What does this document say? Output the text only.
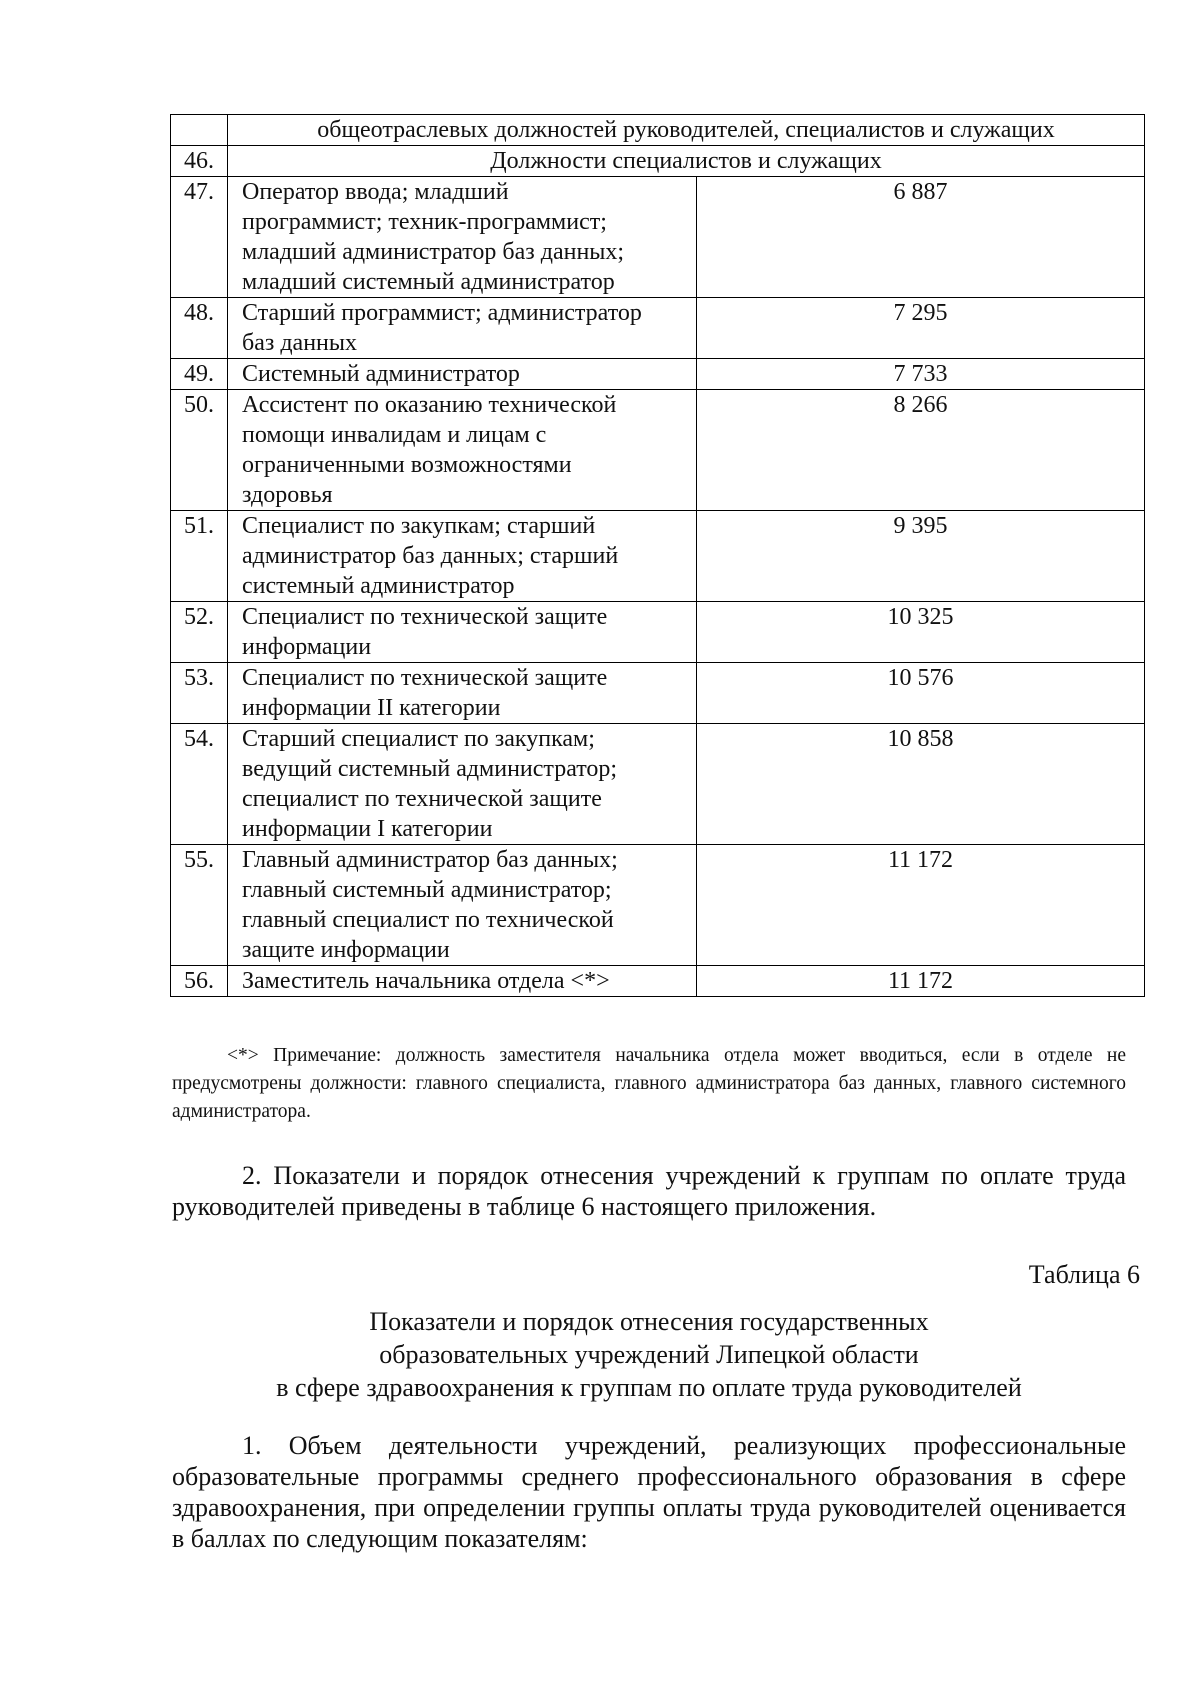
	общеотраслевых должностей руководителей, специалистов и служащих	
46.	Должности специалистов и служащих	
47.	Оператор ввода; младший
программист; техник-программист;
младший администратор баз данных;
младший системный администратор	6 887
48.	Старший программист; администратор
баз данных	7 295
49.	Системный администратор	7 733
50.	Ассистент по оказанию технической
помощи инвалидам и лицам с
ограниченными возможностями
здоровья	8 266
51.	Специалист по закупкам; старший
администратор баз данных; старший
системный администратор	9 395
52.	Специалист по технической защите
информации	10 325
53.	Специалист по технической защите
информации II категории	10 576
54.	Старший специалист по закупкам;
ведущий системный администратор;
специалист по технической защите
информации I категории	10 858
55.	Главный администратор баз данных;
главный системный администратор;
главный специалист по технической
защите информации	11 172
56.	Заместитель начальника отдела <*>	11 172
<*> Примечание: должность заместителя начальника отдела может вводиться, если в отделе не предусмотрены должности: главного специалиста, главного администратора баз данных, главного системного администратора.
2. Показатели и порядок отнесения учреждений к группам по оплате труда руководителей приведены в таблице 6 настоящего приложения.
Таблица 6
Показатели и порядок отнесения государственных
образовательных учреждений Липецкой области
в сфере здравоохранения к группам по оплате труда руководителей
1. Объем деятельности учреждений, реализующих профессиональные образовательные программы среднего профессионального образования в сфере здравоохранения, при определении группы оплаты труда руководителей оценивается в баллах по следующим показателям:
